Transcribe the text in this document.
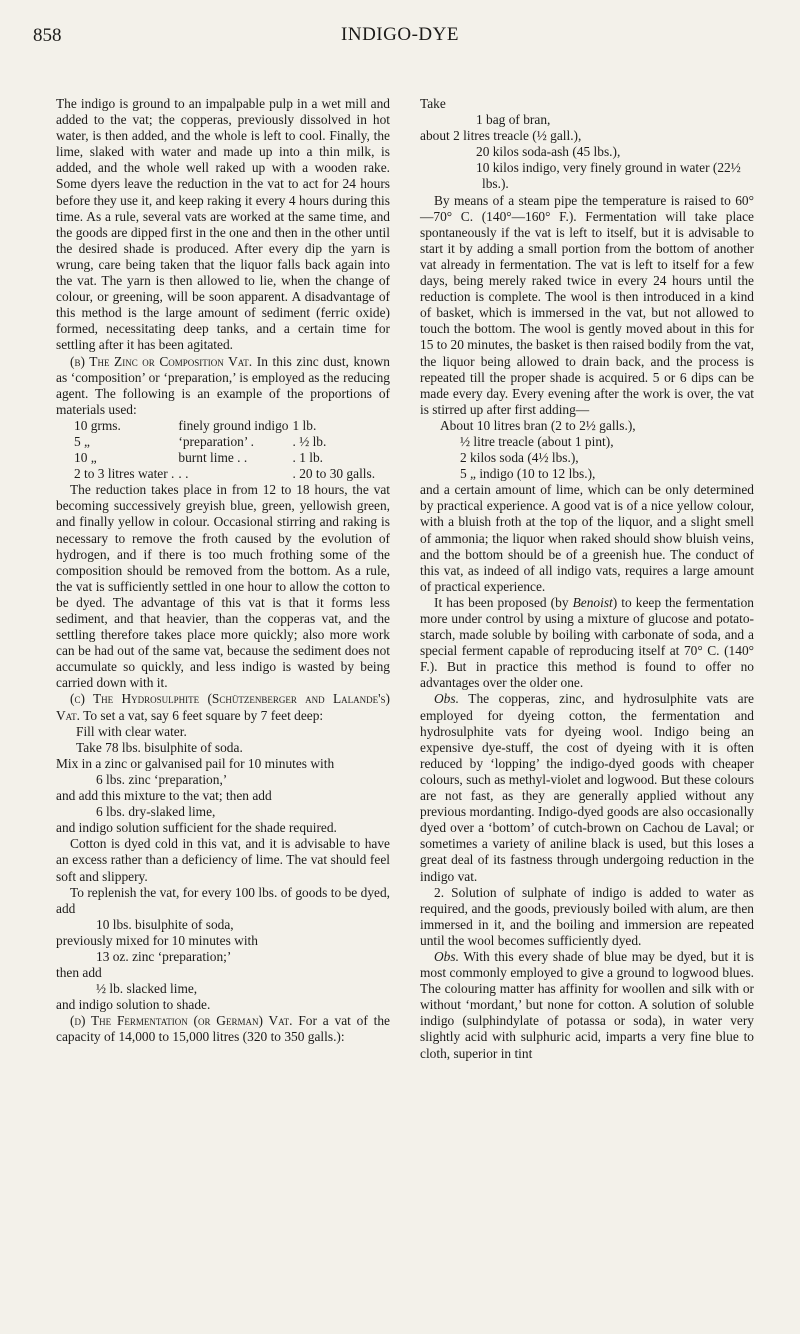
858	INDIGO-DYE

The indigo is ground to an impalpable pulp in a wet mill and added to the vat; the copperas, previously dissolved in hot water, is then added, and the whole is left to cool. Finally, the lime, slaked with water and made up into a thin milk, is added, and the whole well raked up with a wooden rake. Some dyers leave the reduction in the vat to act for 24 hours before they use it, and keep raking it every 4 hours during this time. As a rule, several vats are worked at the same time, and the goods are dipped first in the one and then in the other until the desired shade is produced. After every dip the yarn is wrung, care being taken that the liquor falls back again into the vat. The yarn is then allowed to lie, when the change of colour, or greening, will be soon apparent. A disadvantage of this method is the large amount of sediment (ferric oxide) formed, necessitating deep tanks, and a certain time for settling after it has been agitated.

(b) The Zinc or Composition Vat. In this zinc dust, known as ‘composition’ or ‘preparation,’ is employed as the reducing agent. The following is an example of the proportions of materials used:

10 grms.	finely ground indigo	1 lb.
5 „	‘preparation’ .	. ½ lb.
10 „	burnt lime . .	. 1 lb.
2 to 3 litres water .	. .	. 20 to 30 galls.

The reduction takes place in from 12 to 18 hours, the vat becoming successively greyish blue, green, yellowish green, and finally yellow in colour. Occasional stirring and raking is necessary to remove the froth caused by the evolution of hydrogen, and if there is too much frothing some of the composition should be removed from the bottom. As a rule, the vat is sufficiently settled in one hour to allow the cotton to be dyed. The advantage of this vat is that it forms less sediment, and that heavier, than the copperas vat, and the settling therefore takes place more quickly; also more work can be had out of the same vat, because the sediment does not accumulate so quickly, and less indigo is wasted by being carried down with it.

(c) The Hydrosulphite (Schützenberger and Lalande's) Vat. To set a vat, say 6 feet square by 7 feet deep:

Fill with clear water.

Take 78 lbs. bisulphite of soda.

Mix in a zinc or galvanised pail for 10 minutes with

6 lbs. zinc ‘preparation,’

and add this mixture to the vat; then add

6 lbs. dry-slaked lime,

and indigo solution sufficient for the shade required.

Cotton is dyed cold in this vat, and it is advisable to have an excess rather than a deficiency of lime. The vat should feel soft and slippery.

To replenish the vat, for every 100 lbs. of goods to be dyed, add

10 lbs. bisulphite of soda,

previously mixed for 10 minutes with

13 oz. zinc ‘preparation;’

then add

½ lb. slacked lime,

and indigo solution to shade.

(d) The Fermentation (or German) Vat. For a vat of the capacity of 14,000 to 15,000 litres (320 to 350 galls.):

Take

1 bag of bran,

about 2 litres treacle (½ gall.),

20 kilos soda-ash (45 lbs.),

10 kilos indigo, very finely ground in water (22½ lbs.).

By means of a steam pipe the temperature is raised to 60°—70° C. (140°—160° F.). Fermentation will take place spontaneously if the vat is left to itself, but it is advisable to start it by adding a small portion from the bottom of another vat already in fermentation. The vat is left to itself for a few days, being merely raked twice in every 24 hours until the reduction is complete. The wool is then introduced in a kind of basket, which is immersed in the vat, but not allowed to touch the bottom. The wool is gently moved about in this for 15 to 20 minutes, the basket is then raised bodily from the vat, the liquor being allowed to drain back, and the process is repeated till the proper shade is acquired. 5 or 6 dips can be made every day. Every evening after the work is over, the vat is stirred up after first adding—

About 10 litres bran (2 to 2½ galls.),

½ litre treacle (about 1 pint),

2 kilos soda (4½ lbs.),

5 „ indigo (10 to 12 lbs.),

and a certain amount of lime, which can be only determined by practical experience. A good vat is of a nice yellow colour, with a bluish froth at the top of the liquor, and a slight smell of ammonia; the liquor when raked should show bluish veins, and the bottom should be of a greenish hue. The conduct of this vat, as indeed of all indigo vats, requires a large amount of practical experience.

It has been proposed (by Benoist) to keep the fermentation more under control by using a mixture of glucose and potato-starch, made soluble by boiling with carbonate of soda, and a special ferment capable of reproducing itself at 70° C. (140° F.). But in practice this method is found to offer no advantages over the older one.

Obs. The copperas, zinc, and hydrosulphite vats are employed for dyeing cotton, the fermentation and hydrosulphite vats for dyeing wool. Indigo being an expensive dye-stuff, the cost of dyeing with it is often reduced by ‘lopping’ the indigo-dyed goods with cheaper colours, such as methyl-violet and logwood. But these colours are not fast, as they are generally applied without any previous mordanting. Indigo-dyed goods are also occasionally dyed over a ‘bottom’ of cutch-brown on Cachou de Laval; or sometimes a variety of aniline black is used, but this loses a great deal of its fastness through undergoing reduction in the indigo vat.

2. Solution of sulphate of indigo is added to water as required, and the goods, previously boiled with alum, are then immersed in it, and the boiling and immersion are repeated until the wool becomes sufficiently dyed.

Obs. With this every shade of blue may be dyed, but it is most commonly employed to give a ground to logwood blues. The colouring matter has affinity for woollen and silk with or without ‘mordant,’ but none for cotton. A solution of soluble indigo (sulphindylate of potassa or soda), in water very slightly acid with sulphuric acid, imparts a very fine blue to cloth, superior in tint
